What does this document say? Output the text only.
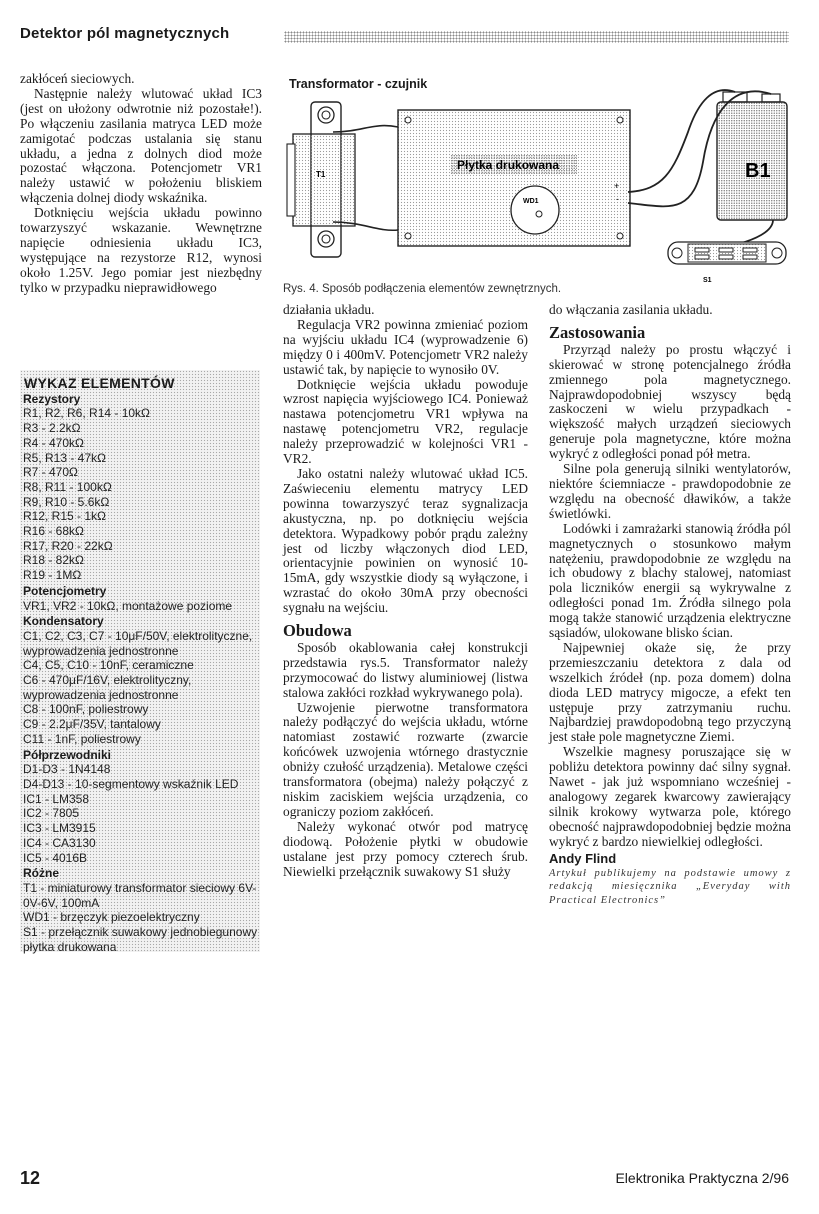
Detektor pól magnetycznych

zakłóceń sieciowych.

Następnie należy wlutować układ IC3 (jest on ułożony odwrotnie niż pozostałe!). Po włączeniu zasilania matryca LED może zamigotać podczas ustalania się stanu układu, a jedna z dolnych diod może pozostać włączona. Potencjometr VR1 należy ustawić w położeniu bliskiem włączenia dolnej diody wskaźnika.

Dotknięciu wejścia układu powinno towarzyszyć wskazanie. Wewnętrzne napięcie odniesienia układu IC3, występujące na rezystorze R12, wynosi około 1.25V. Jego pomiar jest niezbędny tylko w przypadku nieprawidłowego

WYKAZ ELEMENTÓW
Rezystory
R1, R2, R6, R14 - 10kΩ
R3 - 2.2kΩ
R4 - 470kΩ
R5, R13 - 47kΩ
R7 - 470Ω
R8, R11 - 100kΩ
R9, R10 - 5.6kΩ
R12, R15 - 1kΩ
R16 - 68kΩ
R17, R20 - 22kΩ
R18 - 82kΩ
R19 - 1MΩ
Potencjometry
VR1, VR2 - 10kΩ, montażowe poziome
Kondensatory
C1, C2, C3, C7 - 10μF/50V, elektrolityczne, wyprowadzenia jednostronne
C4, C5, C10 - 10nF, ceramiczne
C6 - 470μF/16V, elektrolityczny, wyprowadzenia jednostronne
C8 - 100nF, poliestrowy
C9 - 2.2μF/35V, tantalowy
C11 - 1nF, poliestrowy
Półprzewodniki
D1-D3 - 1N4148
D4-D13 - 10-segmentowy wskaźnik LED
IC1 - LM358
IC2 - 7805
IC3 - LM3915
IC4 - CA3130
IC5 - 4016B
Różne
T1 - miniaturowy transformator sieciowy 6V-0V-6V, 100mA
WD1 - brzęczyk piezoelektryczny
S1 - przełącznik suwakowy jednobiegunowy
płytka drukowana
T1
Płytka drukowana
WD1
+
-
B1
S1
Transformator - czujnik
Rys. 4. Sposób podłączenia elementów zewnętrznych.

działania układu.

Regulacja VR2 powinna zmieniać poziom na wyjściu układu IC4 (wyprowadzenie 6) między 0 i 400mV. Potencjometr VR2 należy ustawić tak, by napięcie to wynosiło 0V.

Dotknięcie wejścia układu powoduje wzrost napięcia wyjściowego IC4. Ponieważ nastawa potencjometru VR1 wpływa na nastawę potencjometru VR2, regulacje należy przeprowadzić w kolejności VR1 - VR2.

Jako ostatni należy wlutować układ IC5. Zaświeceniu elementu matrycy LED powinna towarzyszyć teraz sygnalizacja akustyczna, np. po dotknięciu wejścia detektora. Wypadkowy pobór prądu zależny jest od liczby włączonych diod LED, orientacyjnie powinien on wynosić 10-15mA, gdy wszystkie diody są wyłączone, i wzrastać do około 30mA przy obecności sygnału na wejściu.

Obudowa

Sposób okablowania całej konstrukcji przedstawia rys.5. Transformator należy przymocować do listwy aluminiowej (listwa stalowa zakłóci rozkład wykrywanego pola).

Uzwojenie pierwotne transformatora należy podłączyć do wejścia układu, wtórne natomiast zostawić rozwarte (zwarcie końcówek uzwojenia wtórnego drastycznie obniży czułość urządzenia). Metalowe części transformatora (obejma) należy połączyć z niskim zaciskiem wejścia urządzenia, co ograniczy poziom zakłóceń.

Należy wykonać otwór pod matrycę diodową. Położenie płytki w obudowie ustalane jest przy pomocy czterech śrub. Niewielki przełącznik suwakowy S1 służy

do włączania zasilania układu.

Zastosowania

Przyrząd należy po prostu włączyć i skierować w stronę potencjalnego źródła zmiennego pola magnetycznego. Najprawdopodobniej wszyscy będą zaskoczeni w wielu przypadkach - większość małych urządzeń sieciowych generuje pola magnetyczne, które można wykryć z odległości ponad pół metra.

Silne pola generują silniki wentylatorów, niektóre ściemniacze - prawdopodobnie ze względu na obecność dławików, a także świetlówki.

Lodówki i zamrażarki stanowią źródła pól magnetycznych o stosunkowo małym natężeniu, prawdopodobnie ze względu na ich obudowy z blachy stalowej, natomiast pola liczników energii są wykrywalne z odległości ponad 1m. Źródła silnego pola mogą także stanowić urządzenia elektryczne sąsiadów, ulokowane blisko ścian.

Najpewniej okaże się, że przy przemieszczaniu detektora z dala od wszelkich źródeł (np. poza domem) dolna dioda LED matrycy migocze, a efekt ten ustępuje przy zatrzymaniu ruchu. Najbardziej prawdopodobną tego przyczyną jest stałe pole magnetyczne Ziemi.

Wszelkie magnesy poruszające się w pobliżu detektora powinny dać silny sygnał. Nawet - jak już wspomniano wcześniej - analogowy zegarek kwarcowy zawierający silnik krokowy wytwarza pole, którego obecność najprawdopodobniej będzie można wykryć z bardzo niewielkiej odległości.

Andy Flind
Artykuł publikujemy na podstawie umowy z redakcją miesięcznika „Everyday with Practical Electronics”
12	Elektronika Praktyczna 2/96
